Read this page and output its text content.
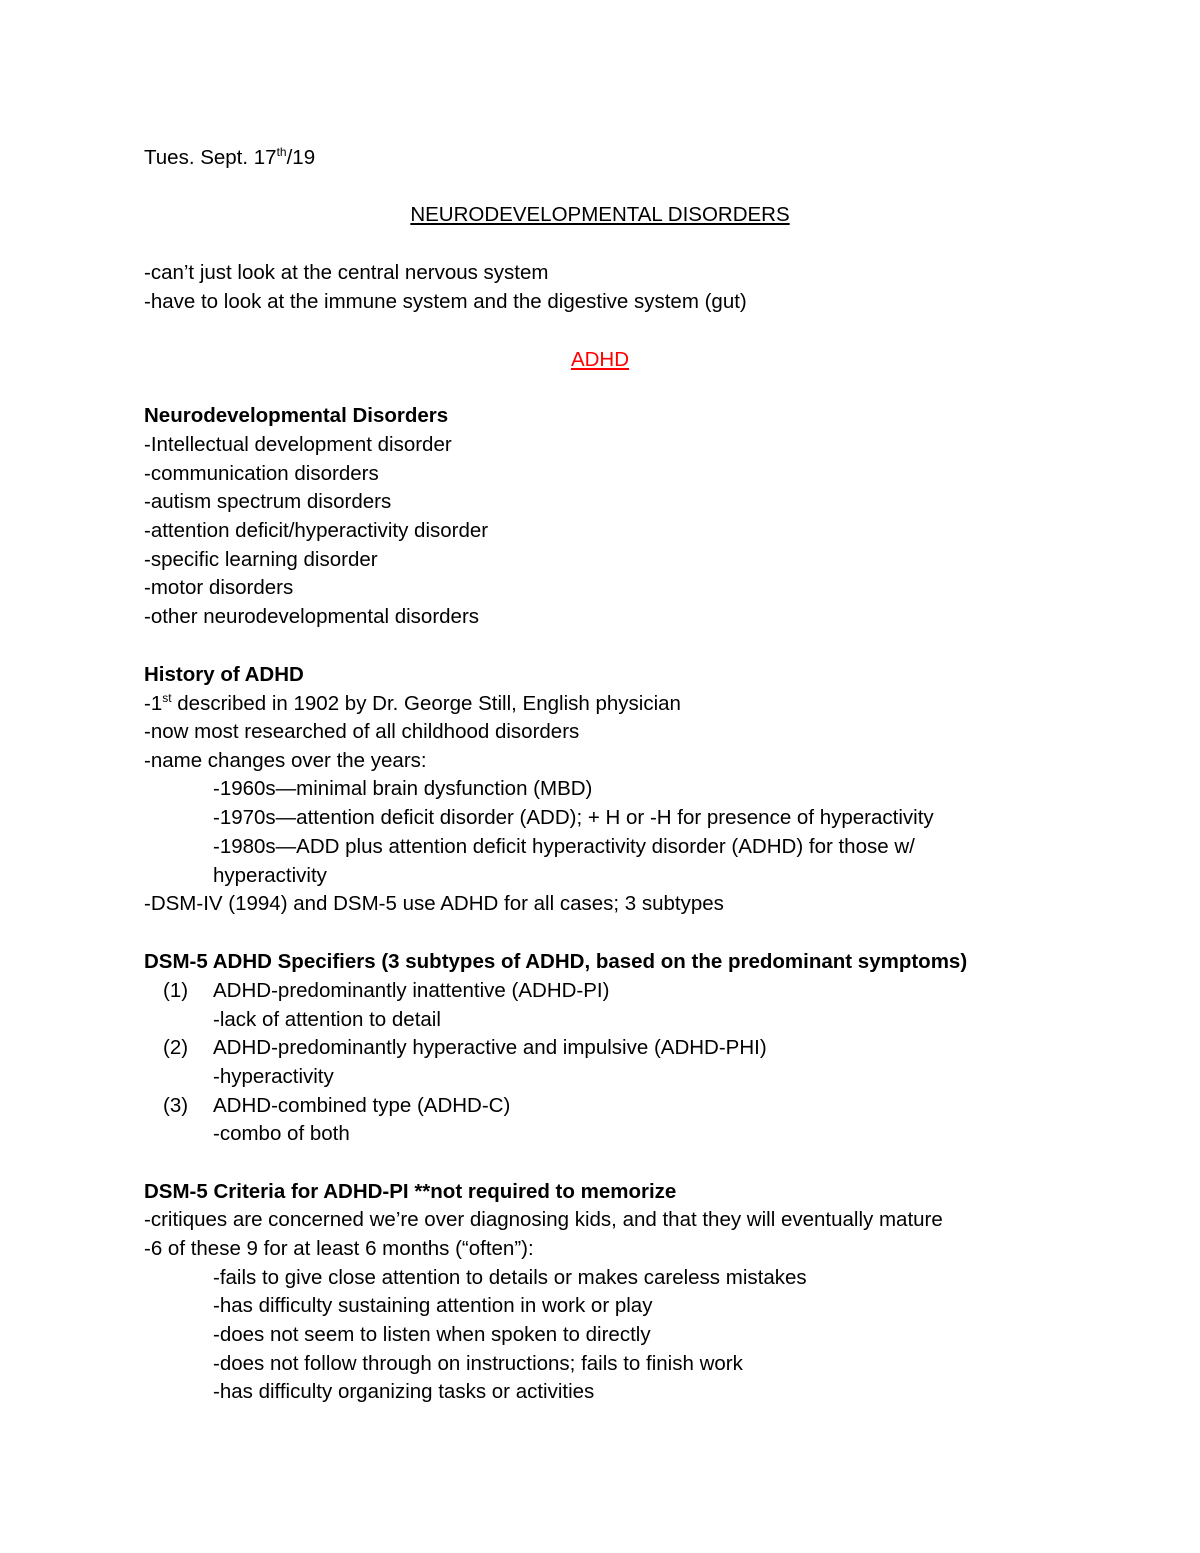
Tues. Sept. 17th/19
NEURODEVELOPMENTAL DISORDERS
-can’t just look at the central nervous system
-have to look at the immune system and the digestive system (gut)
ADHD
Neurodevelopmental Disorders
-Intellectual development disorder
-communication disorders
-autism spectrum disorders
-attention deficit/hyperactivity disorder
-specific learning disorder
-motor disorders
-other neurodevelopmental disorders
History of ADHD
-1st described in 1902 by Dr. George Still, English physician
-now most researched of all childhood disorders
-name changes over the years:
-1960s—minimal brain dysfunction (MBD)
-1970s—attention deficit disorder (ADD); + H or -H for presence of hyperactivity
-1980s—ADD plus attention deficit hyperactivity disorder (ADHD) for those w/
hyperactivity
-DSM-IV (1994) and DSM-5 use ADHD for all cases; 3 subtypes
DSM-5 ADHD Specifiers (3 subtypes of ADHD, based on the predominant symptoms)
(1) ADHD-predominantly inattentive (ADHD-PI)
-lack of attention to detail
(2) ADHD-predominantly hyperactive and impulsive (ADHD-PHI)
-hyperactivity
(3) ADHD-combined type (ADHD-C)
-combo of both
DSM-5 Criteria for ADHD-PI **not required to memorize
-critiques are concerned we’re over diagnosing kids, and that they will eventually mature
-6 of these 9 for at least 6 months (“often”):
-fails to give close attention to details or makes careless mistakes
-has difficulty sustaining attention in work or play
-does not seem to listen when spoken to directly
-does not follow through on instructions; fails to finish work
-has difficulty organizing tasks or activities
